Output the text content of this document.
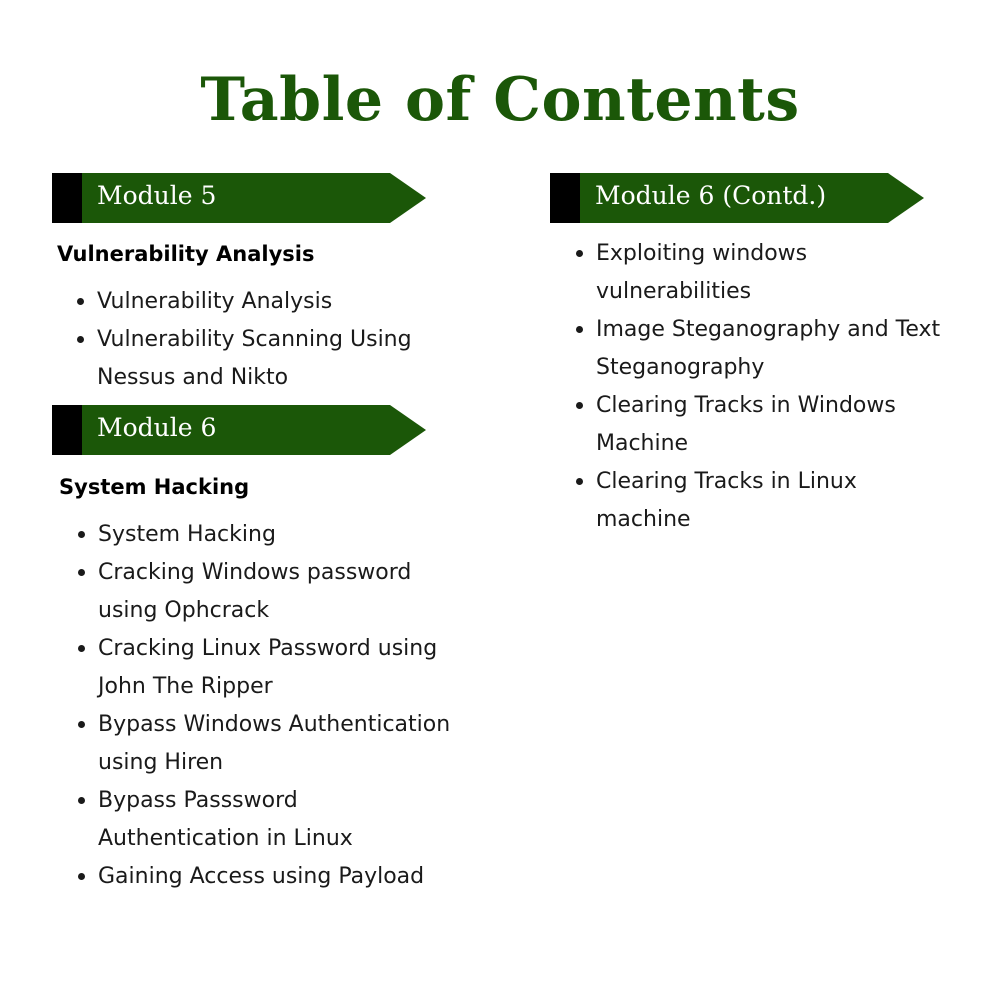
Table of Contents
Module 5
Vulnerability Analysis
Vulnerability Analysis
Vulnerability Scanning Using Nessus and Nikto
Module 6
System Hacking
System Hacking
Cracking Windows password using Ophcrack
Cracking Linux Password using John The Ripper
Bypass Windows Authentication using Hiren
Bypass Passsword Authentication in Linux
Gaining Access using Payload
Module 6 (Contd.)
Exploiting windows vulnerabilities
Image Steganography and Text Steganography
Clearing Tracks in Windows Machine
Clearing Tracks in Linux machine
